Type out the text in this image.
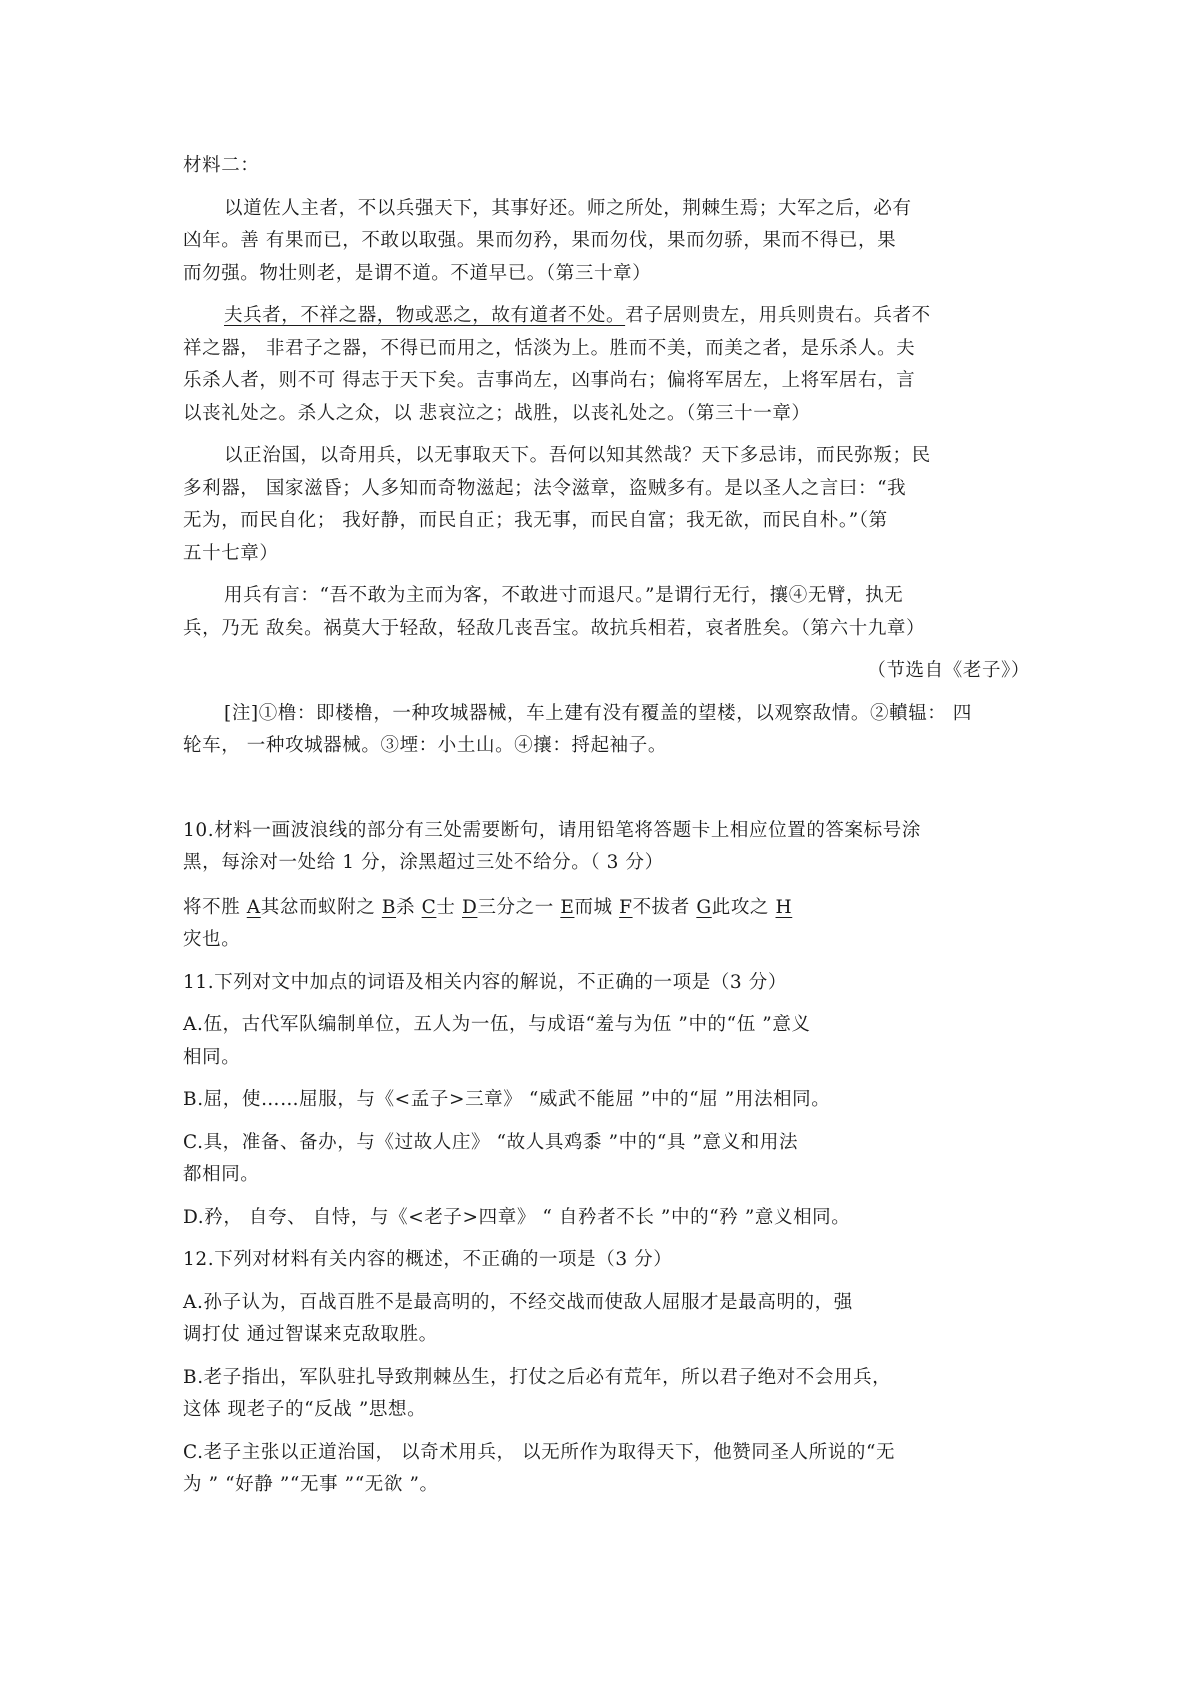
材料二：
以道佐人主者，不以兵强天下，其事好还。师之所处，荆棘生焉；大军之后，必有
凶年。善 有果而已，不敢以取强。果而勿矜，果而勿伐，果而勿骄，果而不得已，果
而勿强。物壮则老，是谓不道。不道早已。（第三十章）
夫兵者，不祥之器，物或恶之，故有道者不处。君子居则贵左，用兵则贵右。兵者不
祥之器， 非君子之器，不得已而用之，恬淡为上。胜而不美，而美之者，是乐杀人。夫
乐杀人者，则不可 得志于天下矣。吉事尚左，凶事尚右；偏将军居左，上将军居右，言
以丧礼处之。杀人之众，以 悲哀泣之；战胜，以丧礼处之。（第三十一章）
以正治国，以奇用兵，以无事取天下。吾何以知其然哉？天下多忌讳，而民弥叛；民
多利器， 国家滋昏；人多知而奇物滋起；法令滋章，盗贼多有。是以圣人之言曰：“我
无为，而民自化； 我好静，而民自正；我无事，而民自富；我无欲，而民自朴。”（第
五十七章）
用兵有言：“吾不敢为主而为客，不敢进寸而退尺。”是谓行无行，攘④无臂，执无
兵，乃无 敌矣。祸莫大于轻敌，轻敌几丧吾宝。故抗兵相若，哀者胜矣。（第六十九章）
（节选自《老子》）
[注]①橹：即楼橹，一种攻城器械，车上建有没有覆盖的望楼，以观察敌情。②轒辒： 四
轮车， 一种攻城器械。③堙：小土山。④攘：捋起袖子。
10.材料一画波浪线的部分有三处需要断句，请用铅笔将答题卡上相应位置的答案标号涂
黑，每涂对一处给 1 分，涂黑超过三处不给分。（ 3 分）
将不胜 A其忿而蚁附之 B杀 C士 D三分之一 E而城 F不拔者 G此攻之 H
灾也。
11.下列对文中加点的词语及相关内容的解说，不正确的一项是（3 分）
A.伍，古代军队编制单位，五人为一伍，与成语“羞与为伍 ”中的“伍 ”意义
相同。
B.屈，使……屈服，与《<孟子>三章》 “威武不能屈 ”中的“屈 ”用法相同。
C.具，准备、备办，与《过故人庄》 “故人具鸡黍 ”中的“具 ”意义和用法
都相同。
D.矜， 自夸、 自恃，与《<老子>四章》 “ 自矜者不长 ”中的“矜 ”意义相同。
12.下列对材料有关内容的概述，不正确的一项是（3 分）
A.孙子认为，百战百胜不是最高明的，不经交战而使敌人屈服才是最高明的，强
调打仗 通过智谋来克敌取胜。
B.老子指出，军队驻扎导致荆棘丛生，打仗之后必有荒年，所以君子绝对不会用兵，
这体 现老子的“反战 ”思想。
C.老子主张以正道治国， 以奇术用兵， 以无所作为取得天下，他赞同圣人所说的“无
为 ” “好静 ”“无事 ”“无欲 ”。
